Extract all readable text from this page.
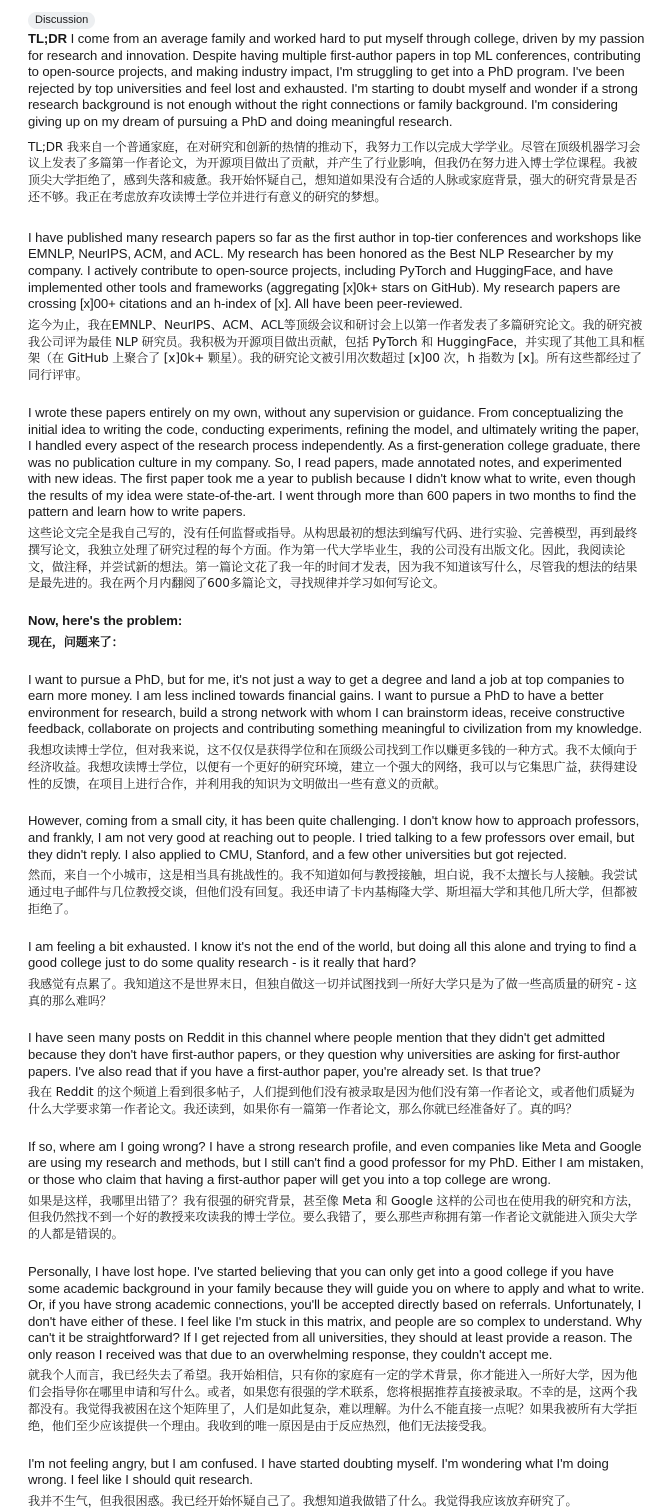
Discussion

TL;DR I come from an average family and worked hard to put myself through college, driven by my passion for research and innovation. Despite having multiple first-author papers in top ML conferences, contributing to open-source projects, and making industry impact, I'm struggling to get into a PhD program. I've been rejected by top universities and feel lost and exhausted. I'm starting to doubt myself and wonder if a strong research background is not enough without the right connections or family background. I'm considering giving up on my dream of pursuing a PhD and doing meaningful research.

TL;DR 我来自一个普通家庭，在对研究和创新的热情的推动下，我努力工作以完成大学学业。尽管在顶级机器学习会议上发表了多篇第一作者论文，为开源项目做出了贡献，并产生了行业影响，但我仍在努力进入博士学位课程。我被顶尖大学拒绝了，感到失落和疲惫。我开始怀疑自己，想知道如果没有合适的人脉或家庭背景，强大的研究背景是否还不够。我正在考虑放弃攻读博士学位并进行有意义的研究的梦想。

I have published many research papers so far as the first author in top-tier conferences and workshops like EMNLP, NeurIPS, ACM, and ACL. My research has been honored as the Best NLP Researcher by my company. I actively contribute to open-source projects, including PyTorch and HuggingFace, and have implemented other tools and frameworks (aggregating [x]0k+ stars on GitHub). My research papers are crossing [x]00+ citations and an h-index of [x]. All have been peer-reviewed.

迄今为止，我在EMNLP、NeurIPS、ACM、ACL等顶级会议和研讨会上以第一作者发表了多篇研究论文。我的研究被我公司评为最佳 NLP 研究员。我积极为开源项目做出贡献，包括 PyTorch 和 HuggingFace，并实现了其他工具和框架（在 GitHub 上聚合了 [x]0k+ 颗星）。我的研究论文被引用次数超过 [x]00 次，h 指数为 [x]。所有这些都经过了同行评审。

I wrote these papers entirely on my own, without any supervision or guidance. From conceptualizing the initial idea to writing the code, conducting experiments, refining the model, and ultimately writing the paper, I handled every aspect of the research process independently. As a first-generation college graduate, there was no publication culture in my company. So, I read papers, made annotated notes, and experimented with new ideas. The first paper took me a year to publish because I didn't know what to write, even though the results of my idea were state-of-the-art. I went through more than 600 papers in two months to find the pattern and learn how to write papers.

这些论文完全是我自己写的，没有任何监督或指导。从构思最初的想法到编写代码、进行实验、完善模型，再到最终撰写论文，我独立处理了研究过程的每个方面。作为第一代大学毕业生，我的公司没有出版文化。因此，我阅读论文，做注释，并尝试新的想法。第一篇论文花了我一年的时间才发表，因为我不知道该写什么，尽管我的想法的结果是最先进的。我在两个月内翻阅了600多篇论文，寻找规律并学习如何写论文。

Now, here's the problem:

现在，问题来了：

I want to pursue a PhD, but for me, it's not just a way to get a degree and land a job at top companies to earn more money. I am less inclined towards financial gains. I want to pursue a PhD to have a better environment for research, build a strong network with whom I can brainstorm ideas, receive constructive feedback, collaborate on projects and contributing something meaningful to civilization from my knowledge.

我想攻读博士学位，但对我来说，这不仅仅是获得学位和在顶级公司找到工作以赚更多钱的一种方式。我不太倾向于经济收益。我想攻读博士学位，以便有一个更好的研究环境，建立一个强大的网络，我可以与它集思广益，获得建设性的反馈，在项目上进行合作，并利用我的知识为文明做出一些有意义的贡献。

However, coming from a small city, it has been quite challenging. I don't know how to approach professors, and frankly, I am not very good at reaching out to people. I tried talking to a few professors over email, but they didn't reply. I also applied to CMU, Stanford, and a few other universities but got rejected.

然而，来自一个小城市，这是相当具有挑战性的。我不知道如何与教授接触，坦白说，我不太擅长与人接触。我尝试通过电子邮件与几位教授交谈，但他们没有回复。我还申请了卡内基梅隆大学、斯坦福大学和其他几所大学，但都被拒绝了。

I am feeling a bit exhausted. I know it's not the end of the world, but doing all this alone and trying to find a good college just to do some quality research - is it really that hard?

我感觉有点累了。我知道这不是世界末日，但独自做这一切并试图找到一所好大学只是为了做一些高质量的研究 - 这真的那么难吗？

I have seen many posts on Reddit in this channel where people mention that they didn't get admitted because they don't have first-author papers, or they question why universities are asking for first-author papers. I've also read that if you have a first-author paper, you're already set. Is that true?

我在 Reddit 的这个频道上看到很多帖子，人们提到他们没有被录取是因为他们没有第一作者论文，或者他们质疑为什么大学要求第一作者论文。我还读到，如果你有一篇第一作者论文，那么你就已经准备好了。真的吗？

If so, where am I going wrong? I have a strong research profile, and even companies like Meta and Google are using my research and methods, but I still can't find a good professor for my PhD. Either I am mistaken, or those who claim that having a first-author paper will get you into a top college are wrong.

如果是这样，我哪里出错了？我有很强的研究背景，甚至像 Meta 和 Google 这样的公司也在使用我的研究和方法，但我仍然找不到一个好的教授来攻读我的博士学位。要么我错了，要么那些声称拥有第一作者论文就能进入顶尖大学的人都是错误的。

Personally, I have lost hope. I've started believing that you can only get into a good college if you have some academic background in your family because they will guide you on where to apply and what to write. Or, if you have strong academic connections, you'll be accepted directly based on referrals. Unfortunately, I don't have either of these. I feel like I'm stuck in this matrix, and people are so complex to understand. Why can't it be straightforward? If I get rejected from all universities, they should at least provide a reason. The only reason I received was that due to an overwhelming response, they couldn't accept me.

就我个人而言，我已经失去了希望。我开始相信，只有你的家庭有一定的学术背景，你才能进入一所好大学，因为他们会指导你在哪里申请和写什么。或者，如果您有很强的学术联系，您将根据推荐直接被录取。不幸的是，这两个我都没有。我觉得我被困在这个矩阵里了，人们是如此复杂，难以理解。为什么不能直接一点呢？如果我被所有大学拒绝，他们至少应该提供一个理由。我收到的唯一原因是由于反应热烈，他们无法接受我。

I'm not feeling angry, but I am confused. I have started doubting myself. I'm wondering what I'm doing wrong. I feel like I should quit research.

我并不生气，但我很困惑。我已经开始怀疑自己了。我想知道我做错了什么。我觉得我应该放弃研究了。
